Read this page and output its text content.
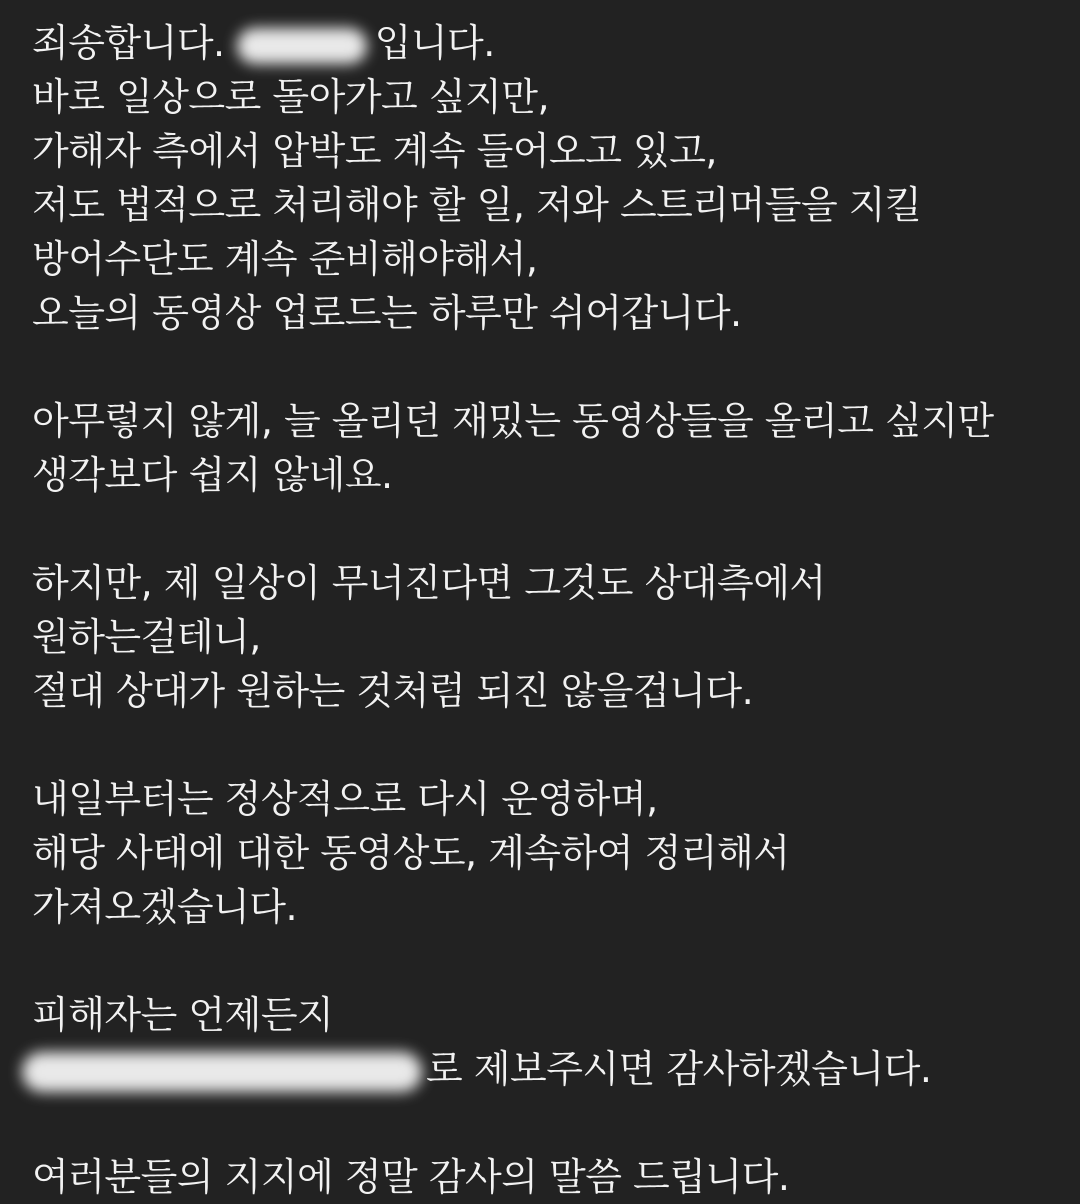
죄송합니다.	입니다.
바로 일상으로 돌아가고 싶지만,
가해자 측에서 압박도 계속 들어오고 있고,
저도 법적으로 처리해야 할 일, 저와 스트리머들을 지킬
방어수단도 계속 준비해야해서,
오늘의 동영상 업로드는 하루만 쉬어갑니다.
아무렇지 않게, 늘 올리던 재밌는 동영상들을 올리고 싶지만
생각보다 쉽지 않네요.
하지만, 제 일상이 무너진다면 그것도 상대측에서
원하는걸테니,
절대 상대가 원하는 것처럼 되진 않을겁니다.
내일부터는 정상적으로 다시 운영하며,
해당 사태에 대한 동영상도, 계속하여 정리해서
가져오겠습니다.
피해자는 언제든지
로 제보주시면 감사하겠습니다.
여러분들의 지지에 정말 감사의 말씀 드립니다.
